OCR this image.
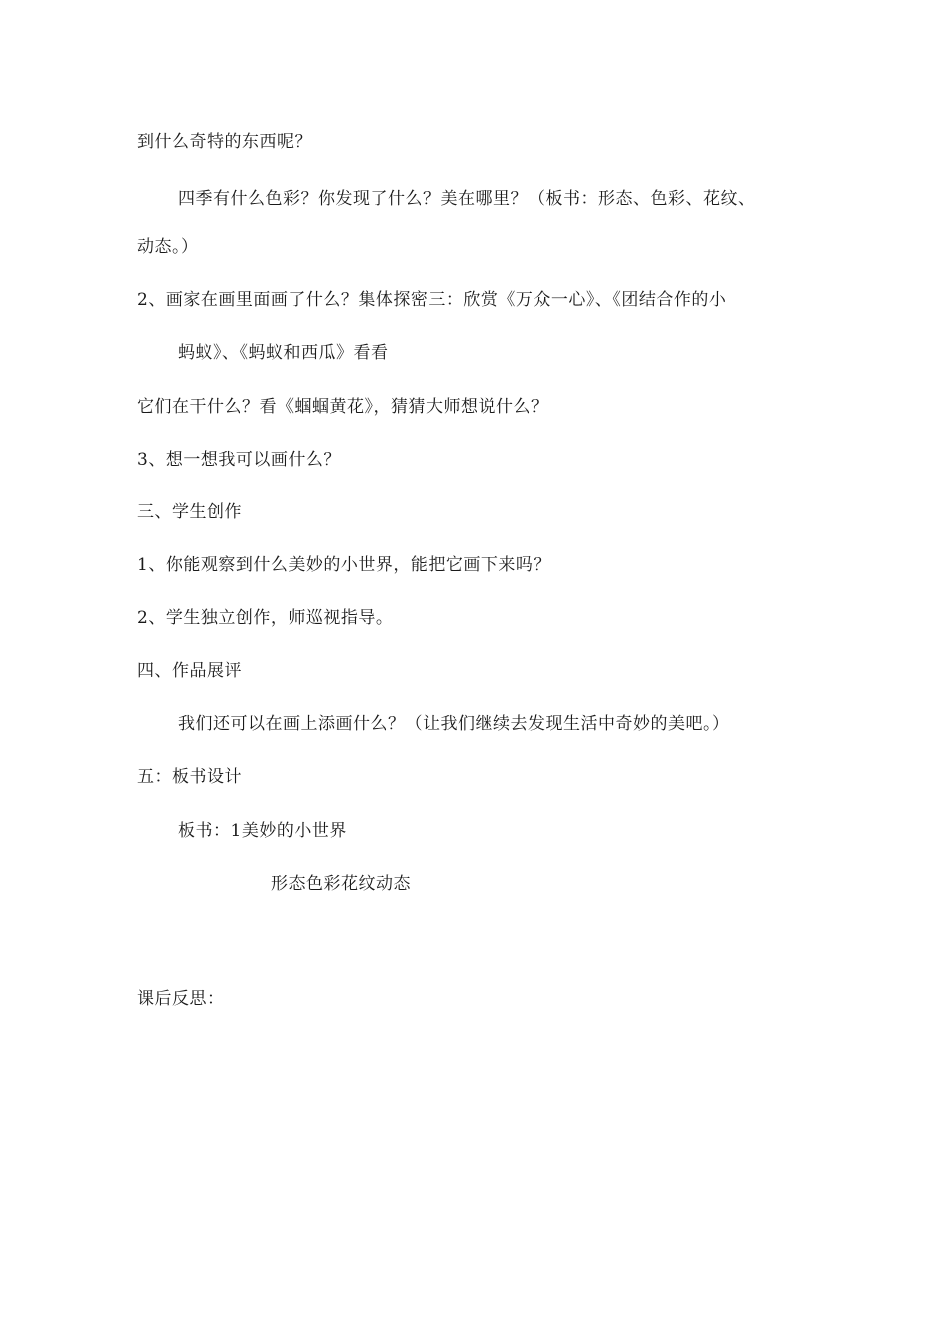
到什么奇特的东西呢？
四季有什么色彩？你发现了什么？美在哪里？（板书：形态、色彩、花纹、
动态。）
2、画家在画里面画了什么？集体探密三：欣赏《万众一心》、《团结合作的小
蚂蚁》、《蚂蚁和西瓜》看看
它们在干什么？看《蝈蝈黄花》，猜猜大师想说什么？
3、想一想我可以画什么？
三、学生创作
1、你能观察到什么美妙的小世界，能把它画下来吗？
2、学生独立创作，师巡视指导。
四、作品展评
我们还可以在画上添画什么？（让我们继续去发现生活中奇妙的美吧。）
五：板书设计
板书：1美妙的小世界
形态色彩花纹动态
课后反思：
